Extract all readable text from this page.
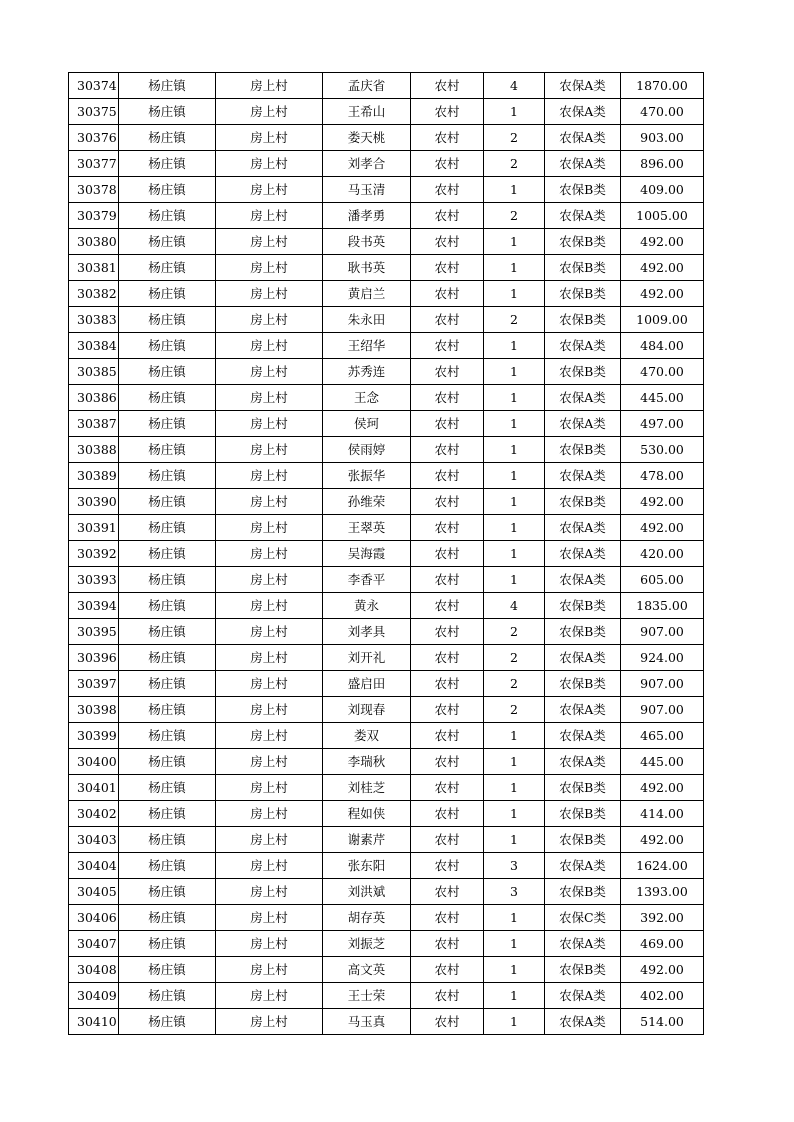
30374	杨庄镇	房上村	孟庆省	农村	4	农保A类	1870.00
30375	杨庄镇	房上村	王希山	农村	1	农保A类	470.00
30376	杨庄镇	房上村	娄天桃	农村	2	农保A类	903.00
30377	杨庄镇	房上村	刘孝合	农村	2	农保A类	896.00
30378	杨庄镇	房上村	马玉清	农村	1	农保B类	409.00
30379	杨庄镇	房上村	潘孝勇	农村	2	农保A类	1005.00
30380	杨庄镇	房上村	段书英	农村	1	农保B类	492.00
30381	杨庄镇	房上村	耿书英	农村	1	农保B类	492.00
30382	杨庄镇	房上村	黄启兰	农村	1	农保B类	492.00
30383	杨庄镇	房上村	朱永田	农村	2	农保B类	1009.00
30384	杨庄镇	房上村	王绍华	农村	1	农保A类	484.00
30385	杨庄镇	房上村	苏秀连	农村	1	农保B类	470.00
30386	杨庄镇	房上村	王念	农村	1	农保A类	445.00
30387	杨庄镇	房上村	侯珂	农村	1	农保A类	497.00
30388	杨庄镇	房上村	侯雨婷	农村	1	农保B类	530.00
30389	杨庄镇	房上村	张振华	农村	1	农保A类	478.00
30390	杨庄镇	房上村	孙维荣	农村	1	农保B类	492.00
30391	杨庄镇	房上村	王翠英	农村	1	农保A类	492.00
30392	杨庄镇	房上村	吴海霞	农村	1	农保A类	420.00
30393	杨庄镇	房上村	李香平	农村	1	农保A类	605.00
30394	杨庄镇	房上村	黄永	农村	4	农保B类	1835.00
30395	杨庄镇	房上村	刘孝具	农村	2	农保B类	907.00
30396	杨庄镇	房上村	刘开礼	农村	2	农保A类	924.00
30397	杨庄镇	房上村	盛启田	农村	2	农保B类	907.00
30398	杨庄镇	房上村	刘现春	农村	2	农保A类	907.00
30399	杨庄镇	房上村	娄双	农村	1	农保A类	465.00
30400	杨庄镇	房上村	李瑞秋	农村	1	农保A类	445.00
30401	杨庄镇	房上村	刘桂芝	农村	1	农保B类	492.00
30402	杨庄镇	房上村	程如侠	农村	1	农保B类	414.00
30403	杨庄镇	房上村	谢素芹	农村	1	农保B类	492.00
30404	杨庄镇	房上村	张东阳	农村	3	农保A类	1624.00
30405	杨庄镇	房上村	刘洪斌	农村	3	农保B类	1393.00
30406	杨庄镇	房上村	胡存英	农村	1	农保C类	392.00
30407	杨庄镇	房上村	刘振芝	农村	1	农保A类	469.00
30408	杨庄镇	房上村	高文英	农村	1	农保B类	492.00
30409	杨庄镇	房上村	王士荣	农村	1	农保A类	402.00
30410	杨庄镇	房上村	马玉真	农村	1	农保A类	514.00
